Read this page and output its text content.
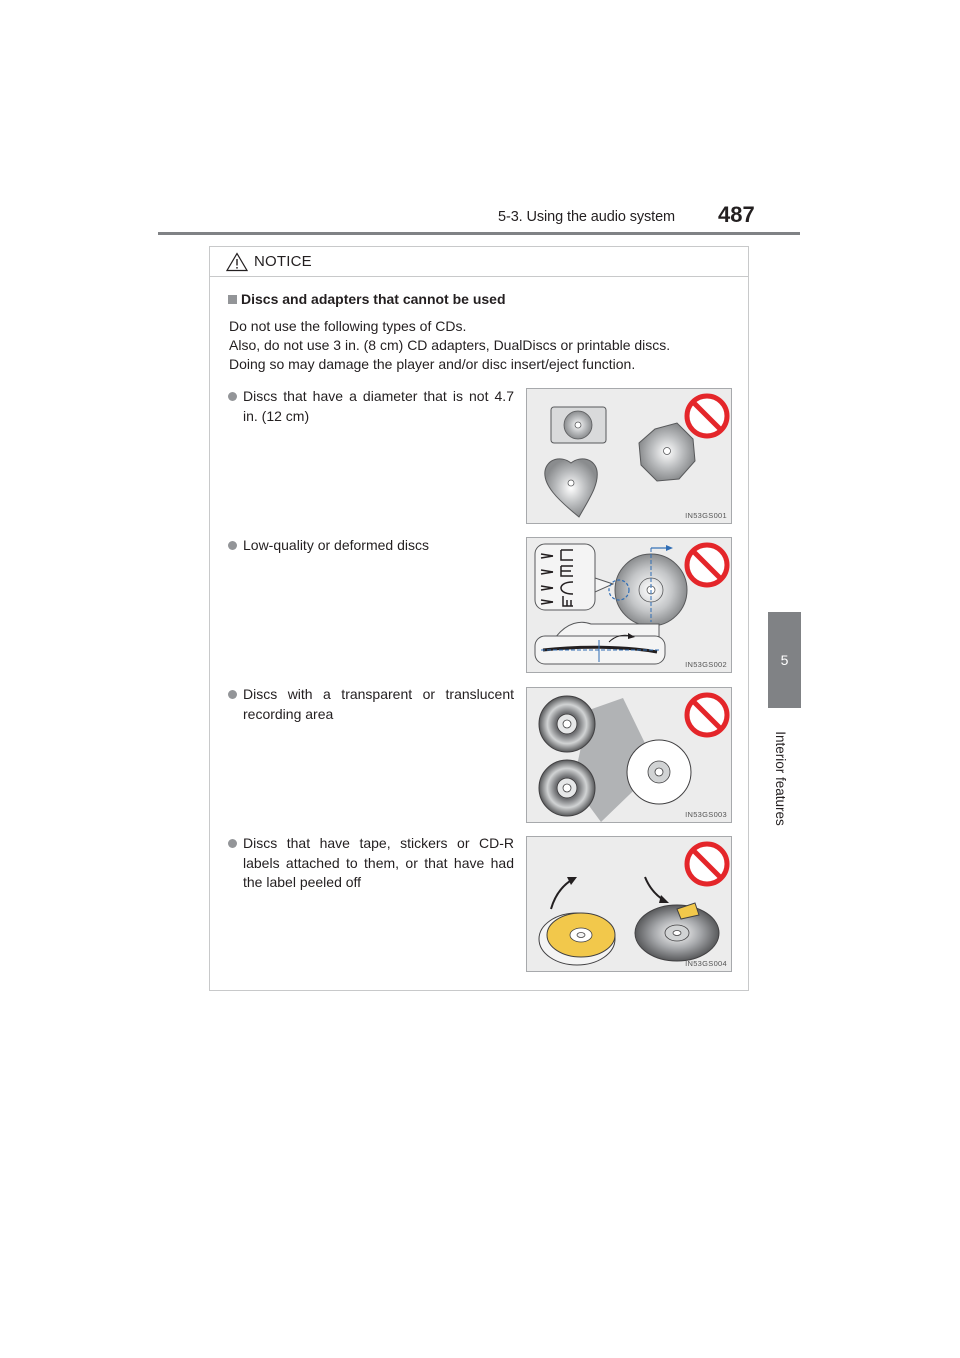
5-3. Using the audio system 487
5
Interior features
NOTICE
Discs and adapters that cannot be used
Do not use the following types of CDs.
Also, do not use 3 in. (8 cm) CD adapters, DualDiscs or printable discs.
Doing so may damage the player and/or disc insert/eject function.
Discs that have a diameter that is not 4.7 in. (12 cm)
IN53GS001
Low-quality or deformed discs
IN53GS002
Discs with a transparent or translucent recording area
IN53GS003
Discs that have tape, stickers or CD-R labels attached to them, or that have had the label peeled off
IN53GS004
